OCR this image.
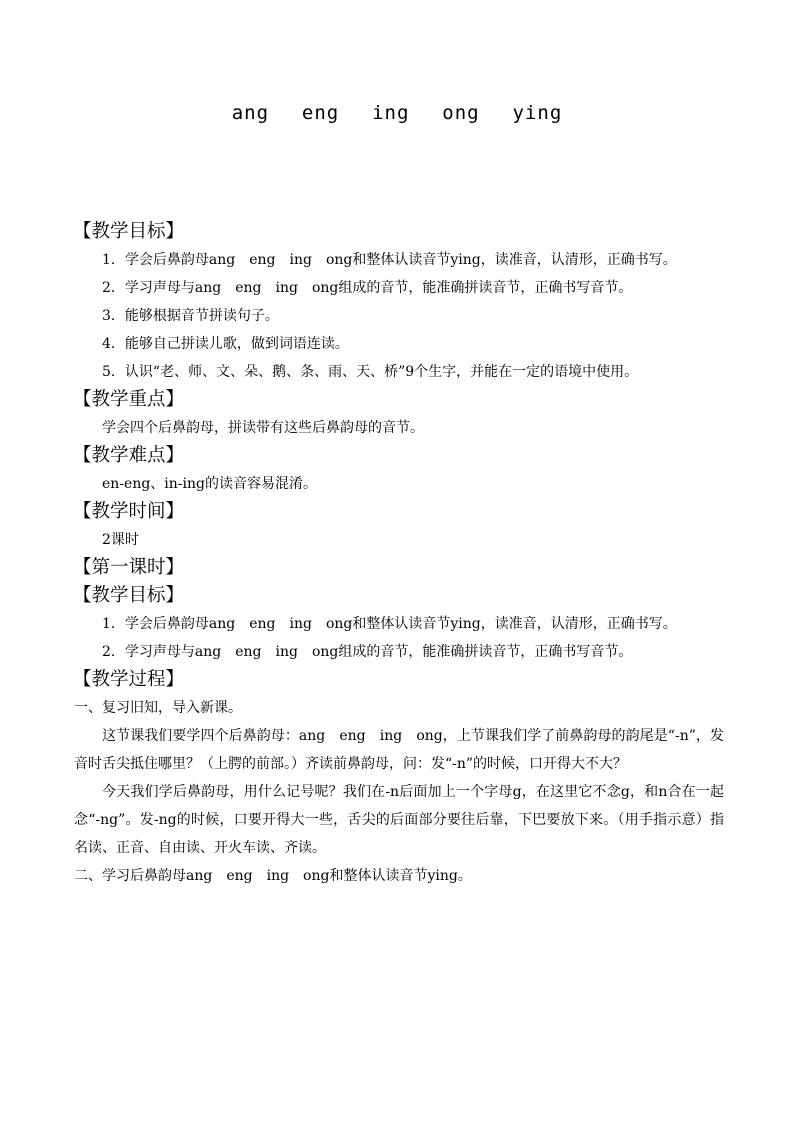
ang  eng  ing  ong  ying
【教学目标】
1．学会后鼻韵母ang　eng　ing　ong和整体认读音节ying，读准音，认清形，正确书写。
2．学习声母与ang　eng　ing　ong组成的音节，能准确拼读音节，正确书写音节。
3．能够根据音节拼读句子。
4．能够自己拼读儿歌，做到词语连读。
5．认识“老、师、文、朵、鹅、条、雨、天、桥”9个生字，并能在一定的语境中使用。
【教学重点】
学会四个后鼻韵母，拼读带有这些后鼻韵母的音节。
【教学难点】
en-eng、in-ing的读音容易混淆。
【教学时间】
2课时
【第一课时】
【教学目标】
1．学会后鼻韵母ang　eng　ing　ong和整体认读音节ying，读准音，认清形，正确书写。
2．学习声母与ang　eng　ing　ong组成的音节，能准确拼读音节，正确书写音节。
【教学过程】
一、复习旧知，导入新课。
这节课我们要学四个后鼻韵母：ang　eng　ing　ong，上节课我们学了前鼻韵母的韵尾是“-n”，发音时舌尖抵住哪里？（上腭的前部。）齐读前鼻韵母，问：发“-n”的时候，口开得大不大？
今天我们学后鼻韵母，用什么记号呢？我们在-n后面加上一个字母g，在这里它不念g，和n合在一起念“-ng”。发-ng的时候，口要开得大一些，舌尖的后面部分要往后靠，下巴要放下来。（用手指示意）指名读、正音、自由读、开火车读、齐读。
二、学习后鼻韵母ang　eng　ing　ong和整体认读音节ying。
